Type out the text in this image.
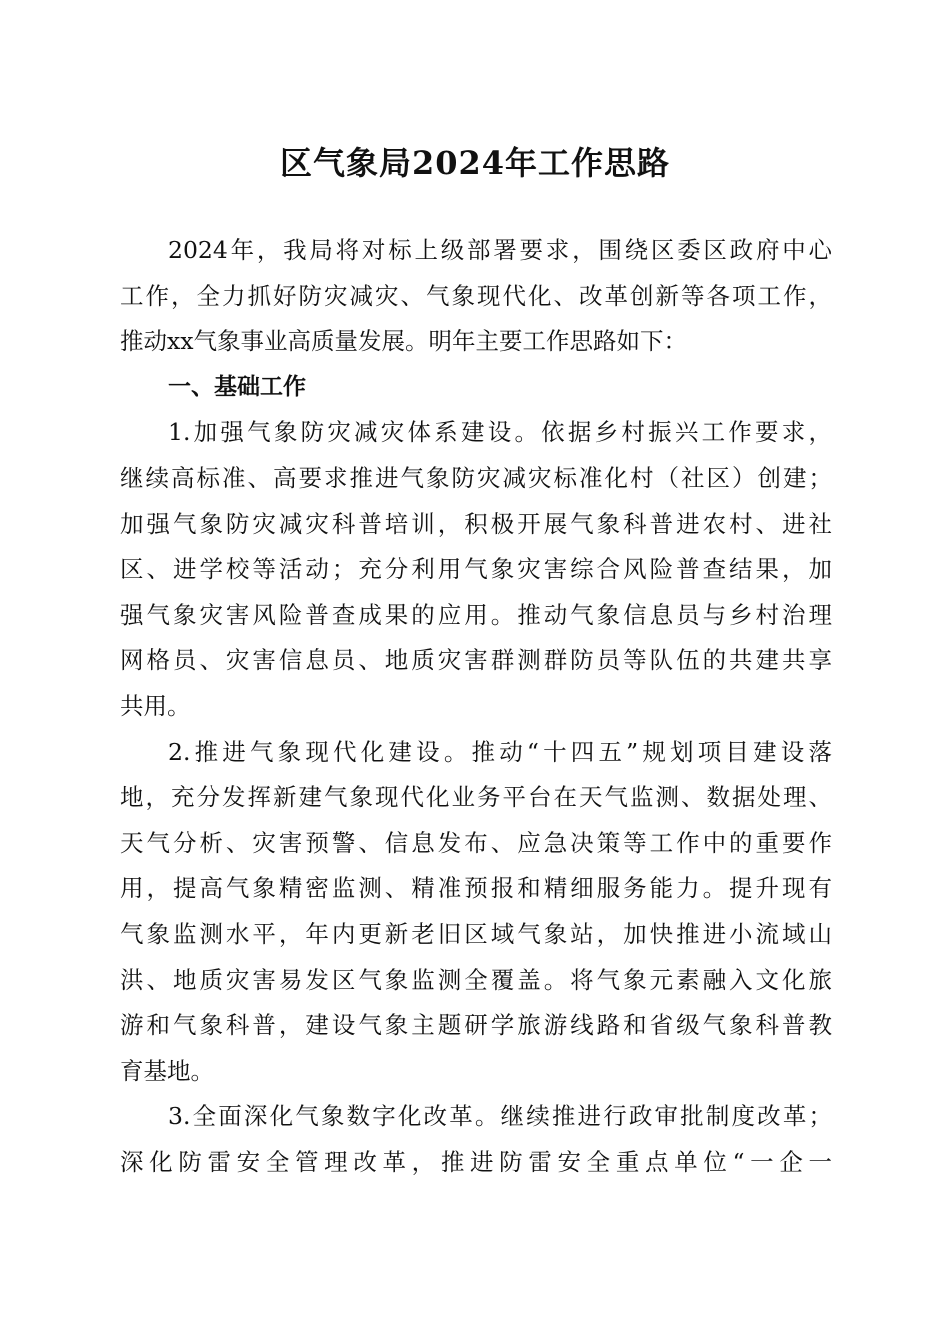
区气象局2024年工作思路
2024年，我局将对标上级部署要求，围绕区委区政府中心
工作，全力抓好防灾减灾、气象现代化、改革创新等各项工作，
推动xx气象事业高质量发展。明年主要工作思路如下：
一、基础工作
1.加强气象防灾减灾体系建设。依据乡村振兴工作要求，
继续高标准、高要求推进气象防灾减灾标准化村（社区）创建；
加强气象防灾减灾科普培训，积极开展气象科普进农村、进社
区、进学校等活动；充分利用气象灾害综合风险普查结果，加
强气象灾害风险普查成果的应用。推动气象信息员与乡村治理
网格员、灾害信息员、地质灾害群测群防员等队伍的共建共享
共用。
2.推进气象现代化建设。推动“十四五”规划项目建设落
地，充分发挥新建气象现代化业务平台在天气监测、数据处理、
天气分析、灾害预警、信息发布、应急决策等工作中的重要作
用，提高气象精密监测、精准预报和精细服务能力。提升现有
气象监测水平，年内更新老旧区域气象站，加快推进小流域山
洪、地质灾害易发区气象监测全覆盖。将气象元素融入文化旅
游和气象科普，建设气象主题研学旅游线路和省级气象科普教
育基地。
3.全面深化气象数字化改革。继续推进行政审批制度改革；
深化防雷安全管理改革，推进防雷安全重点单位“一企一
